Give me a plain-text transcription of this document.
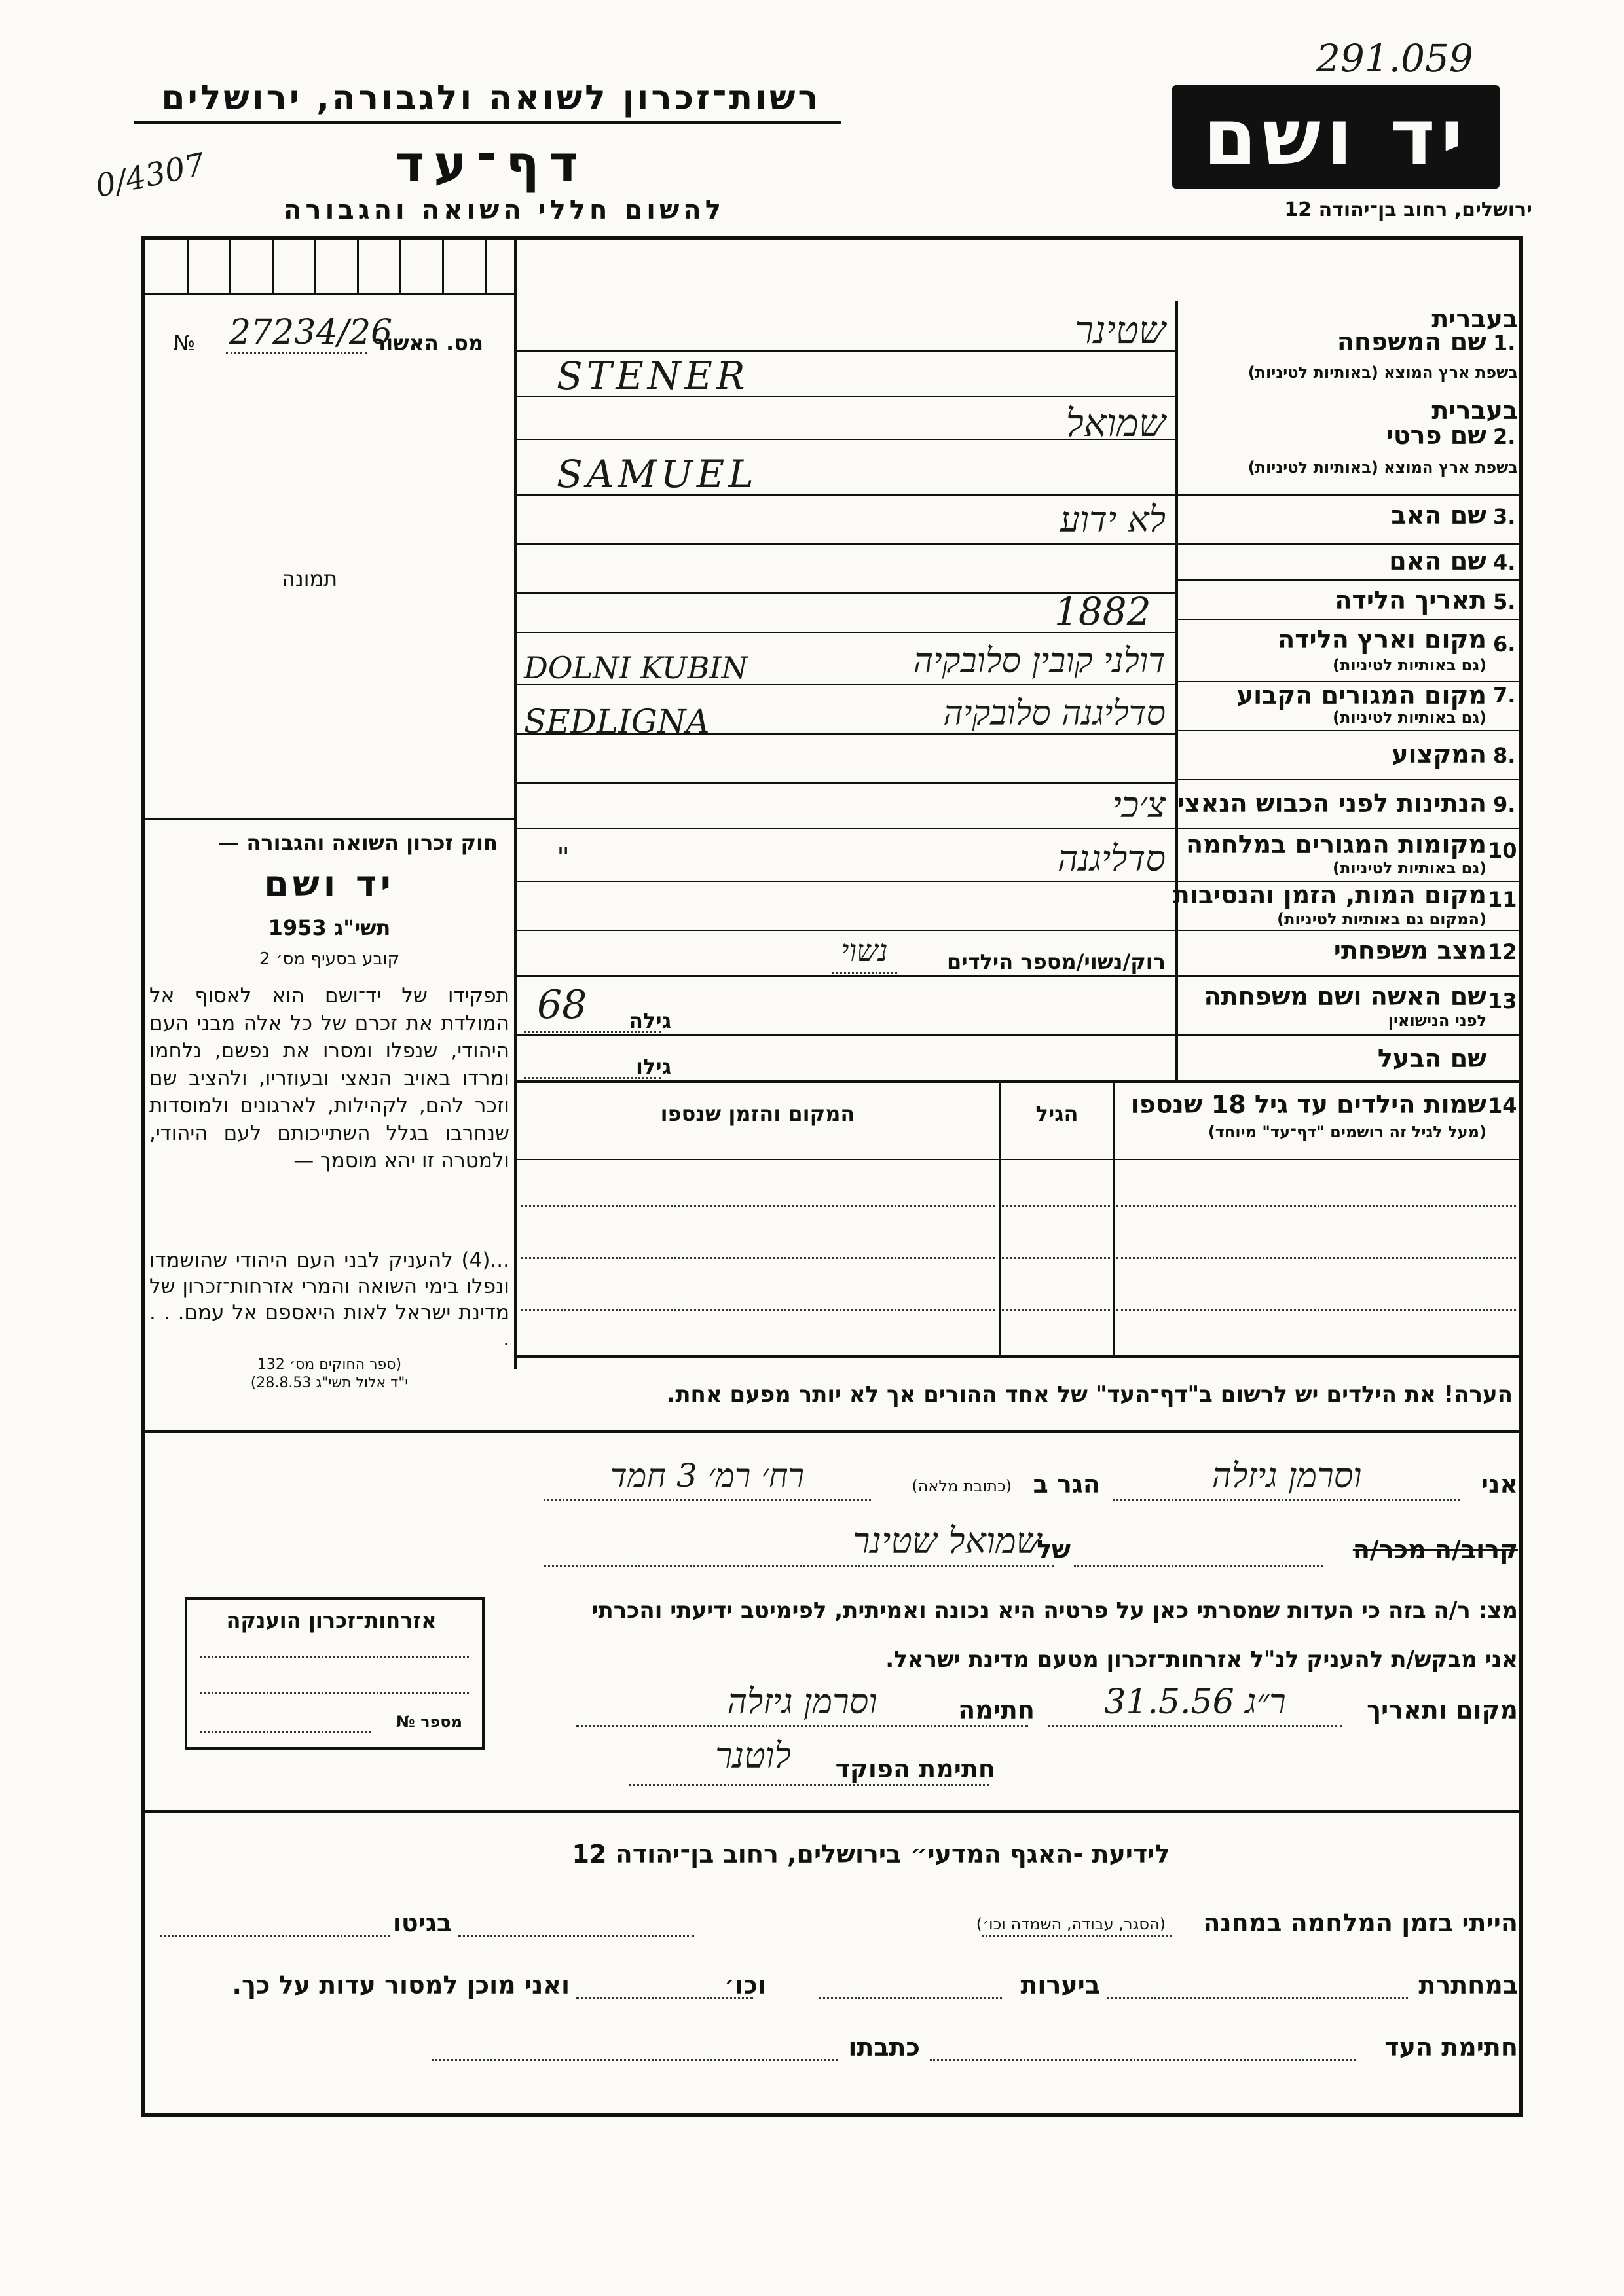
291.059
0/4307
רשות־זכרון לשואה ולגבורה, ירושלים
דף־עד
להשום חללי השואה והגבורה
יד ושם
ירושלים, רחוב בן־יהודה 12
מס. האשור
27234/26
№
תמונה
חוק זכרון השואה והגבורה —
יד ושם
תשי"ג 1953
קובע בסעיף מס׳ 2
תפקידו של יד־ושם הוא לאסוף אל המולדת את זכרם של כל אלה מבני העם היהודי, שנפלו ומסרו את נפשם, נלחמו ומרדו באויב הנאצי ובעוזריו, ולהציב שם וזכר להם, לקהילות, לארגונים ולמוסדות שנחרבו בגלל השתייכותם לעם היהודי, ולמטרה זו יהא מוסמך —
...(4) להעניק לבני העם היהודי שהושמדו ונפלו בימי השואה והמרי אזרחות־זכרון של מדינת ישראל לאות היאספם אל עמם. . . .
(ספר החוקים מס׳ 132
י"ד אלול תשי"ג 28.8.53)
בעברית
1.
שם המשפחה
בשפת ארץ המוצא (באותיות לטיניות)
שטינר
STENER
בעברית
2.
שם פרטי
בשפת ארץ המוצא (באותיות לטיניות)
שמואל
SAMUEL
3.
שם האב
לא ידוע
4.
שם האם
5.
תאריך הלידה
1882
6.
מקום וארץ הלידה
(גם באותיות לטיניות)
דולני קובין סלובקיה
DOLNI KUBIN
7.
מקום המגורים הקבוע
(גם באותיות לטיניות)
סדליגנה סלובקיה
SEDLIGNA
8.
המקצוע
9.
הנתינות לפני הכבוש הנאצי
צ׳כי
10.
מקומות המגורים במלחמה
(גם באותיות לטיניות)
סדליגנה
"
11.
מקום המות, הזמן והנסיבות
(המקום גם באותיות לטיניות)
12.
מצב משפחתי
רוק/נשוי/מספר הילדים
נשוי
13.
שם האשה ושם משפחתה
לפני הנישואין
גילה
68
שם הבעל
גילו
14.
שמות הילדים עד גיל 18 שנספו
(מעל לגיל זה רושמים "דף־עד" מיוחד)
הגיל
המקום והזמן שנספו
הערה! את הילדים יש לרשום ב"דף־העד" של אחד ההורים אך לא יותר מפעם אחת.
אני
וסרמן גיזלה
הגר ב
(כתובת מלאה)
רח׳ רמ׳ 3 חמד
קרוב/ה מכר/ה
של
שמואל שטינר
מצ: ר/ה בזה כי העדות שמסרתי כאן על פרטיה היא נכונה ואמיתית, לפימיטב ידיעתי והכרתי
אני מבקש/ת להעניק לנ"ל אזרחות־זכרון מטעם מדינת ישראל.
מקום ותאריך
ר״ג 31.5.56
חתימה
וסרמן גיזלה
חתימת הפוקד
לוטנר
אזרחות־זכרון הוענקה
מספר №
לידיעת -האגף המדעי״ בירושלים, רחוב בן־יהודה 12
הייתי בזמן המלחמה במחנה
(הסגר, עבודה, השמדה וכו׳)
בגיטו
במחתרת
ביערות
וכו׳
ואני מוכן למסור עדות על כך.
חתימת העד
כתבתו
